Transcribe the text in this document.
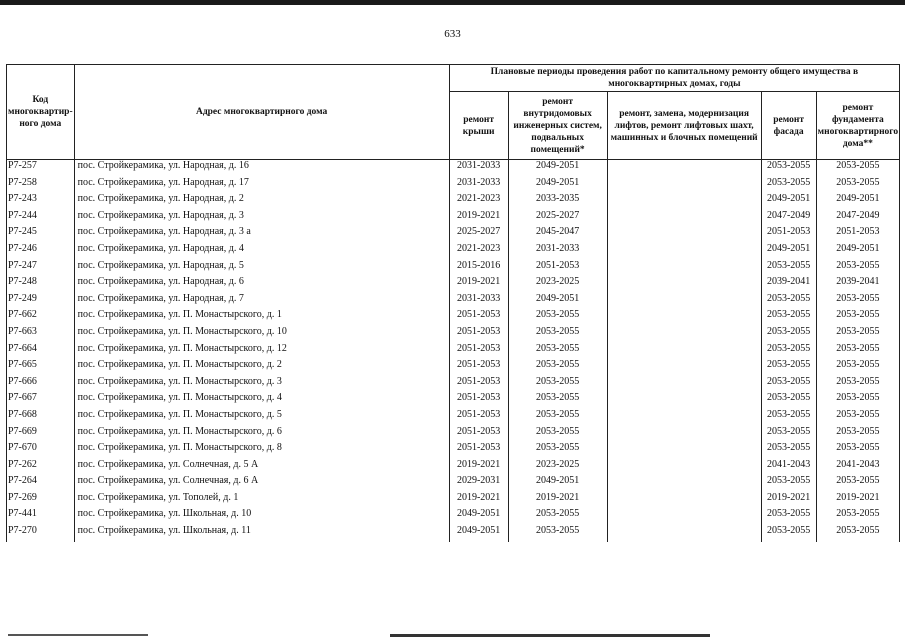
633
Код многоквартир-ного дома	Адрес многоквартирного дома	Плановые периоды проведения работ по капитальному ремонту общего имущества в многоквартирных домах, годы				
		ремонт крыши	ремонт внутридомовых инженерных систем, подвальных помещений*	ремонт, замена, модернизация лифтов, ремонт лифтовых шахт, машинных и блочных помещений	ремонт фасада	ремонт фундамента многоквартирного дома**
Р7-257	пос. Стройкерамика, ул. Народная, д. 16	2031-2033	2049-2051		2053-2055	2053-2055
Р7-258	пос. Стройкерамика, ул. Народная, д. 17	2031-2033	2049-2051		2053-2055	2053-2055
Р7-243	пос. Стройкерамика, ул. Народная, д. 2	2021-2023	2033-2035		2049-2051	2049-2051
Р7-244	пос. Стройкерамика, ул. Народная, д. 3	2019-2021	2025-2027		2047-2049	2047-2049
Р7-245	пос. Стройкерамика, ул. Народная, д. 3 а	2025-2027	2045-2047		2051-2053	2051-2053
Р7-246	пос. Стройкерамика, ул. Народная, д. 4	2021-2023	2031-2033		2049-2051	2049-2051
Р7-247	пос. Стройкерамика, ул. Народная, д. 5	2015-2016	2051-2053		2053-2055	2053-2055
Р7-248	пос. Стройкерамика, ул. Народная, д. 6	2019-2021	2023-2025		2039-2041	2039-2041
Р7-249	пос. Стройкерамика, ул. Народная, д. 7	2031-2033	2049-2051		2053-2055	2053-2055
Р7-662	пос. Стройкерамика, ул. П. Монастырского, д. 1	2051-2053	2053-2055		2053-2055	2053-2055
Р7-663	пос. Стройкерамика, ул. П. Монастырского, д. 10	2051-2053	2053-2055		2053-2055	2053-2055
Р7-664	пос. Стройкерамика, ул. П. Монастырского, д. 12	2051-2053	2053-2055		2053-2055	2053-2055
Р7-665	пос. Стройкерамика, ул. П. Монастырского, д. 2	2051-2053	2053-2055		2053-2055	2053-2055
Р7-666	пос. Стройкерамика, ул. П. Монастырского, д. 3	2051-2053	2053-2055		2053-2055	2053-2055
Р7-667	пос. Стройкерамика, ул. П. Монастырского, д. 4	2051-2053	2053-2055		2053-2055	2053-2055
Р7-668	пос. Стройкерамика, ул. П. Монастырского, д. 5	2051-2053	2053-2055		2053-2055	2053-2055
Р7-669	пос. Стройкерамика, ул. П. Монастырского, д. 6	2051-2053	2053-2055		2053-2055	2053-2055
Р7-670	пос. Стройкерамика, ул. П. Монастырского, д. 8	2051-2053	2053-2055		2053-2055	2053-2055
Р7-262	пос. Стройкерамика, ул. Солнечная, д. 5 А	2019-2021	2023-2025		2041-2043	2041-2043
Р7-264	пос. Стройкерамика, ул. Солнечная, д. 6 А	2029-2031	2049-2051		2053-2055	2053-2055
Р7-269	пос. Стройкерамика, ул. Тополей, д. 1	2019-2021	2019-2021		2019-2021	2019-2021
Р7-441	пос. Стройкерамика, ул. Школьная, д. 10	2049-2051	2053-2055		2053-2055	2053-2055
Р7-270	пос. Стройкерамика, ул. Школьная, д. 11	2049-2051	2053-2055		2053-2055	2053-2055
